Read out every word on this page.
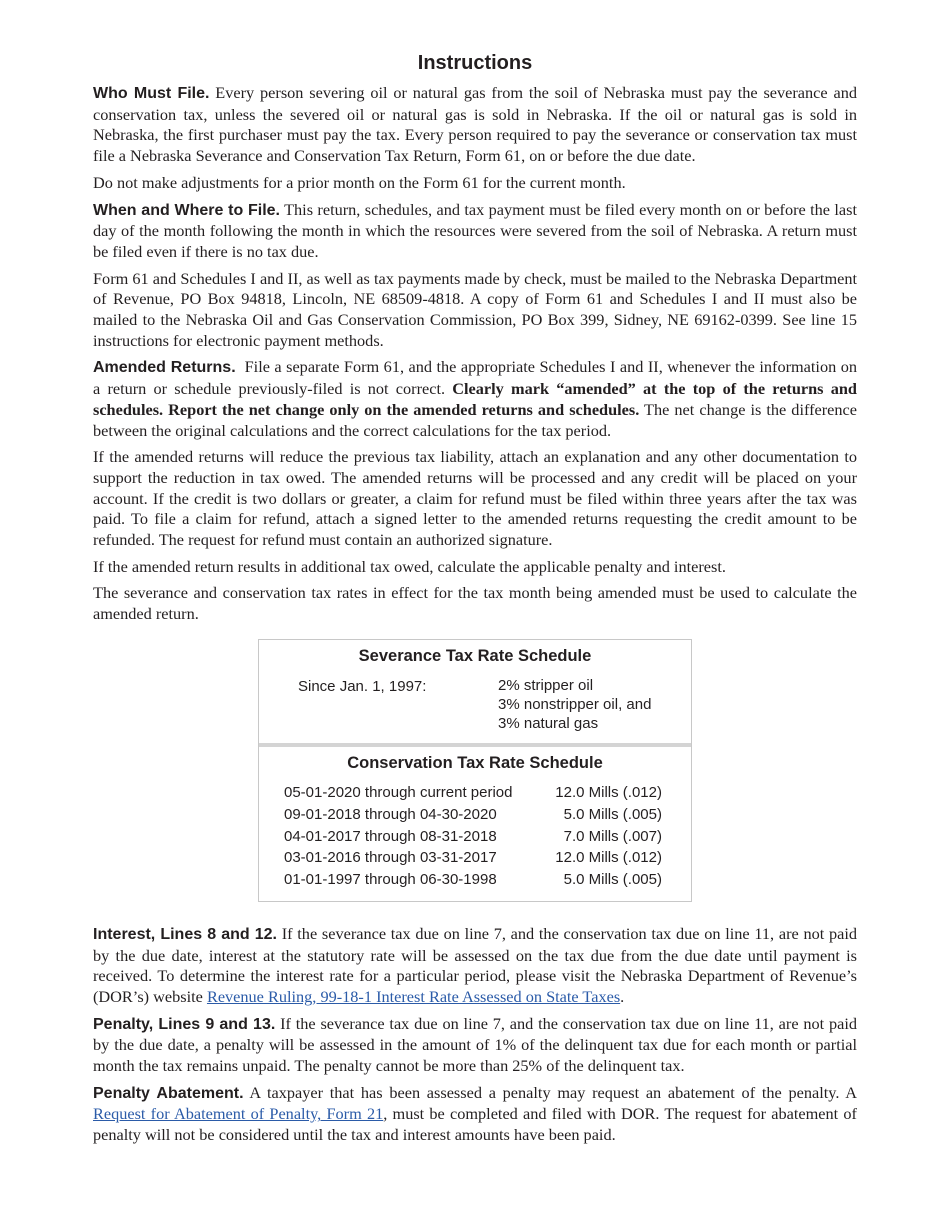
Instructions

Who Must File. Every person severing oil or natural gas from the soil of Nebraska must pay the severance and conservation tax, unless the severed oil or natural gas is sold in Nebraska. If the oil or natural gas is sold in Nebraska, the first purchaser must pay the tax. Every person required to pay the severance or conservation tax must file a Nebraska Severance and Conservation Tax Return, Form 61, on or before the due date.

Do not make adjustments for a prior month on the Form 61 for the current month.

When and Where to File. This return, schedules, and tax payment must be filed every month on or before the last day of the month following the month in which the resources were severed from the soil of Nebraska. A return must be filed even if there is no tax due.

Form 61 and Schedules I and II, as well as tax payments made by check, must be mailed to the Nebraska Department of Revenue, PO Box 94818, Lincoln, NE 68509-4818. A copy of Form 61 and Schedules I and II must also be mailed to the Nebraska Oil and Gas Conservation Commission, PO Box 399, Sidney, NE 69162-0399. See line 15 instructions for electronic payment methods.

Amended Returns.  File a separate Form 61, and the appropriate Schedules I and II, whenever the information on a return or schedule previously-filed is not correct. Clearly mark “amended” at the top of the returns and schedules. Report the net change only on the amended returns and schedules. The net change is the difference between the original calculations and the correct calculations for the tax period.

If the amended returns will reduce the previous tax liability, attach an explanation and any other documentation to support the reduction in tax owed. The amended returns will be processed and any credit will be placed on your account. If the credit is two dollars or greater, a claim for refund must be filed within three years after the tax was paid. To file a claim for refund, attach a signed letter to the amended returns requesting the credit amount to be refunded. The request for refund must contain an authorized signature.

If the amended return results in additional tax owed, calculate the applicable penalty and interest.

The severance and conservation tax rates in effect for the tax month being amended must be used to calculate the amended return.

Severance Tax Rate Schedule
Since Jan. 1, 1997:	2% stripper oil
3% nonstripper oil, and
3% natural gas
Conservation Tax Rate Schedule
05-01-2020 through current period	12.0 Mills (.012)
09-01-2018 through 04-30-2020	5.0 Mills (.005)
04-01-2017 through 08-31-2018	7.0 Mills (.007)
03-01-2016 through 03-31-2017	12.0 Mills (.012)
01-01-1997 through 06-30-1998	5.0 Mills (.005)

Interest, Lines 8 and 12. If the severance tax due on line 7, and the conservation tax due on line 11, are not paid by the due date, interest at the statutory rate will be assessed on the tax due from the due date until payment is received. To determine the interest rate for a particular period, please visit the Nebraska Department of Revenue’s (DOR’s) website Revenue Ruling, 99-18-1 Interest Rate Assessed on State Taxes.

Penalty, Lines 9 and 13. If the severance tax due on line 7, and the conservation tax due on line 11, are not paid by the due date, a penalty will be assessed in the amount of 1% of the delinquent tax due for each month or partial month the tax remains unpaid. The penalty cannot be more than 25% of the delinquent tax.

Penalty Abatement. A taxpayer that has been assessed a penalty may request an abatement of the penalty. A Request for Abatement of Penalty, Form 21, must be completed and filed with DOR. The request for abatement of penalty will not be considered until the tax and interest amounts have been paid.
